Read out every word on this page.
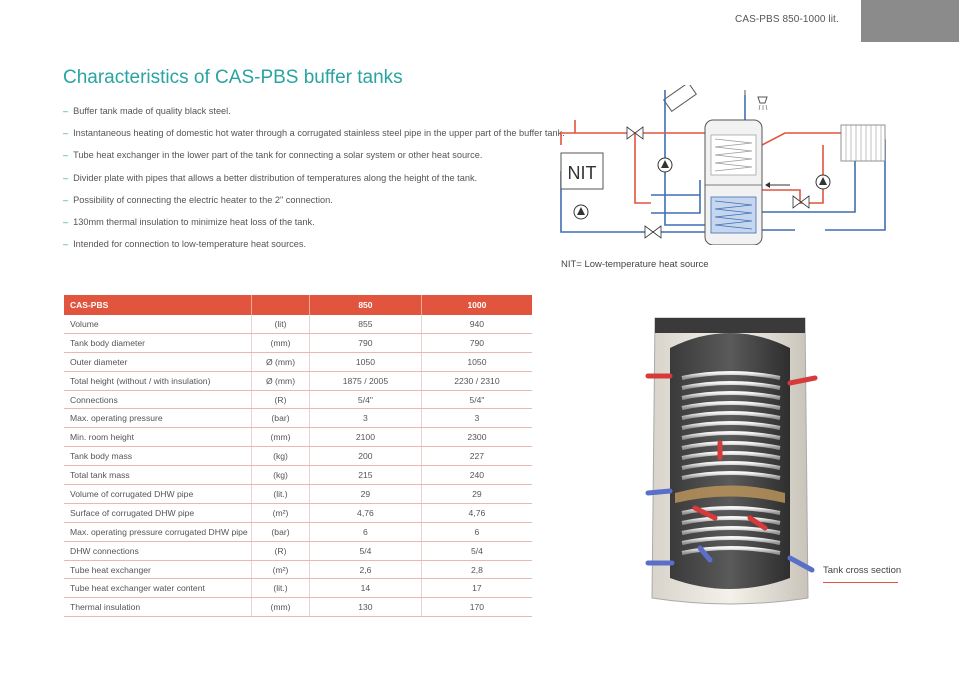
CAS-PBS 850-1000 lit.
Characteristics of CAS-PBS buffer tanks
– Buffer tank made of quality black steel.
– Instantaneous heating of domestic hot water through a corrugated stainless steel pipe in the upper part of the buffer tank.
– Tube heat exchanger in the lower part of the tank for connecting a solar system or other heat source.
– Divider plate with pipes that allows a better distribution of temperatures along the height of the tank.
– Possibility of connecting the electric heater to the 2" connection.
– 130mm thermal insulation to minimize heat loss of the tank.
– Intended for connection to low-temperature heat sources.
NIT
NIT= Low-temperature heat source
CAS-PBS		850	1000
Volume	(lit)	855	940
Tank body diameter	(mm)	790	790
Outer diameter	Ø (mm)	1050	1050
Total height (without / with insulation)	Ø (mm)	1875 / 2005	2230 / 2310
Connections	(R)	5/4"	5/4"
Max. operating pressure	(bar)	3	3
Min. room height	(mm)	2100	2300
Tank body mass	(kg)	200	227
Total tank mass	(kg)	215	240
Volume of corrugated DHW pipe	(lit.)	29	29
Surface of corrugated DHW pipe	(m²)	4,76	4,76
Max. operating pressure corrugated DHW pipe	(bar)	6	6
DHW connections	(R)	5/4	5/4
Tube heat exchanger	(m²)	2,6	2,8
Tube heat exchanger water content	(lit.)	14	17
Thermal insulation	(mm)	130	170
Tank cross section
